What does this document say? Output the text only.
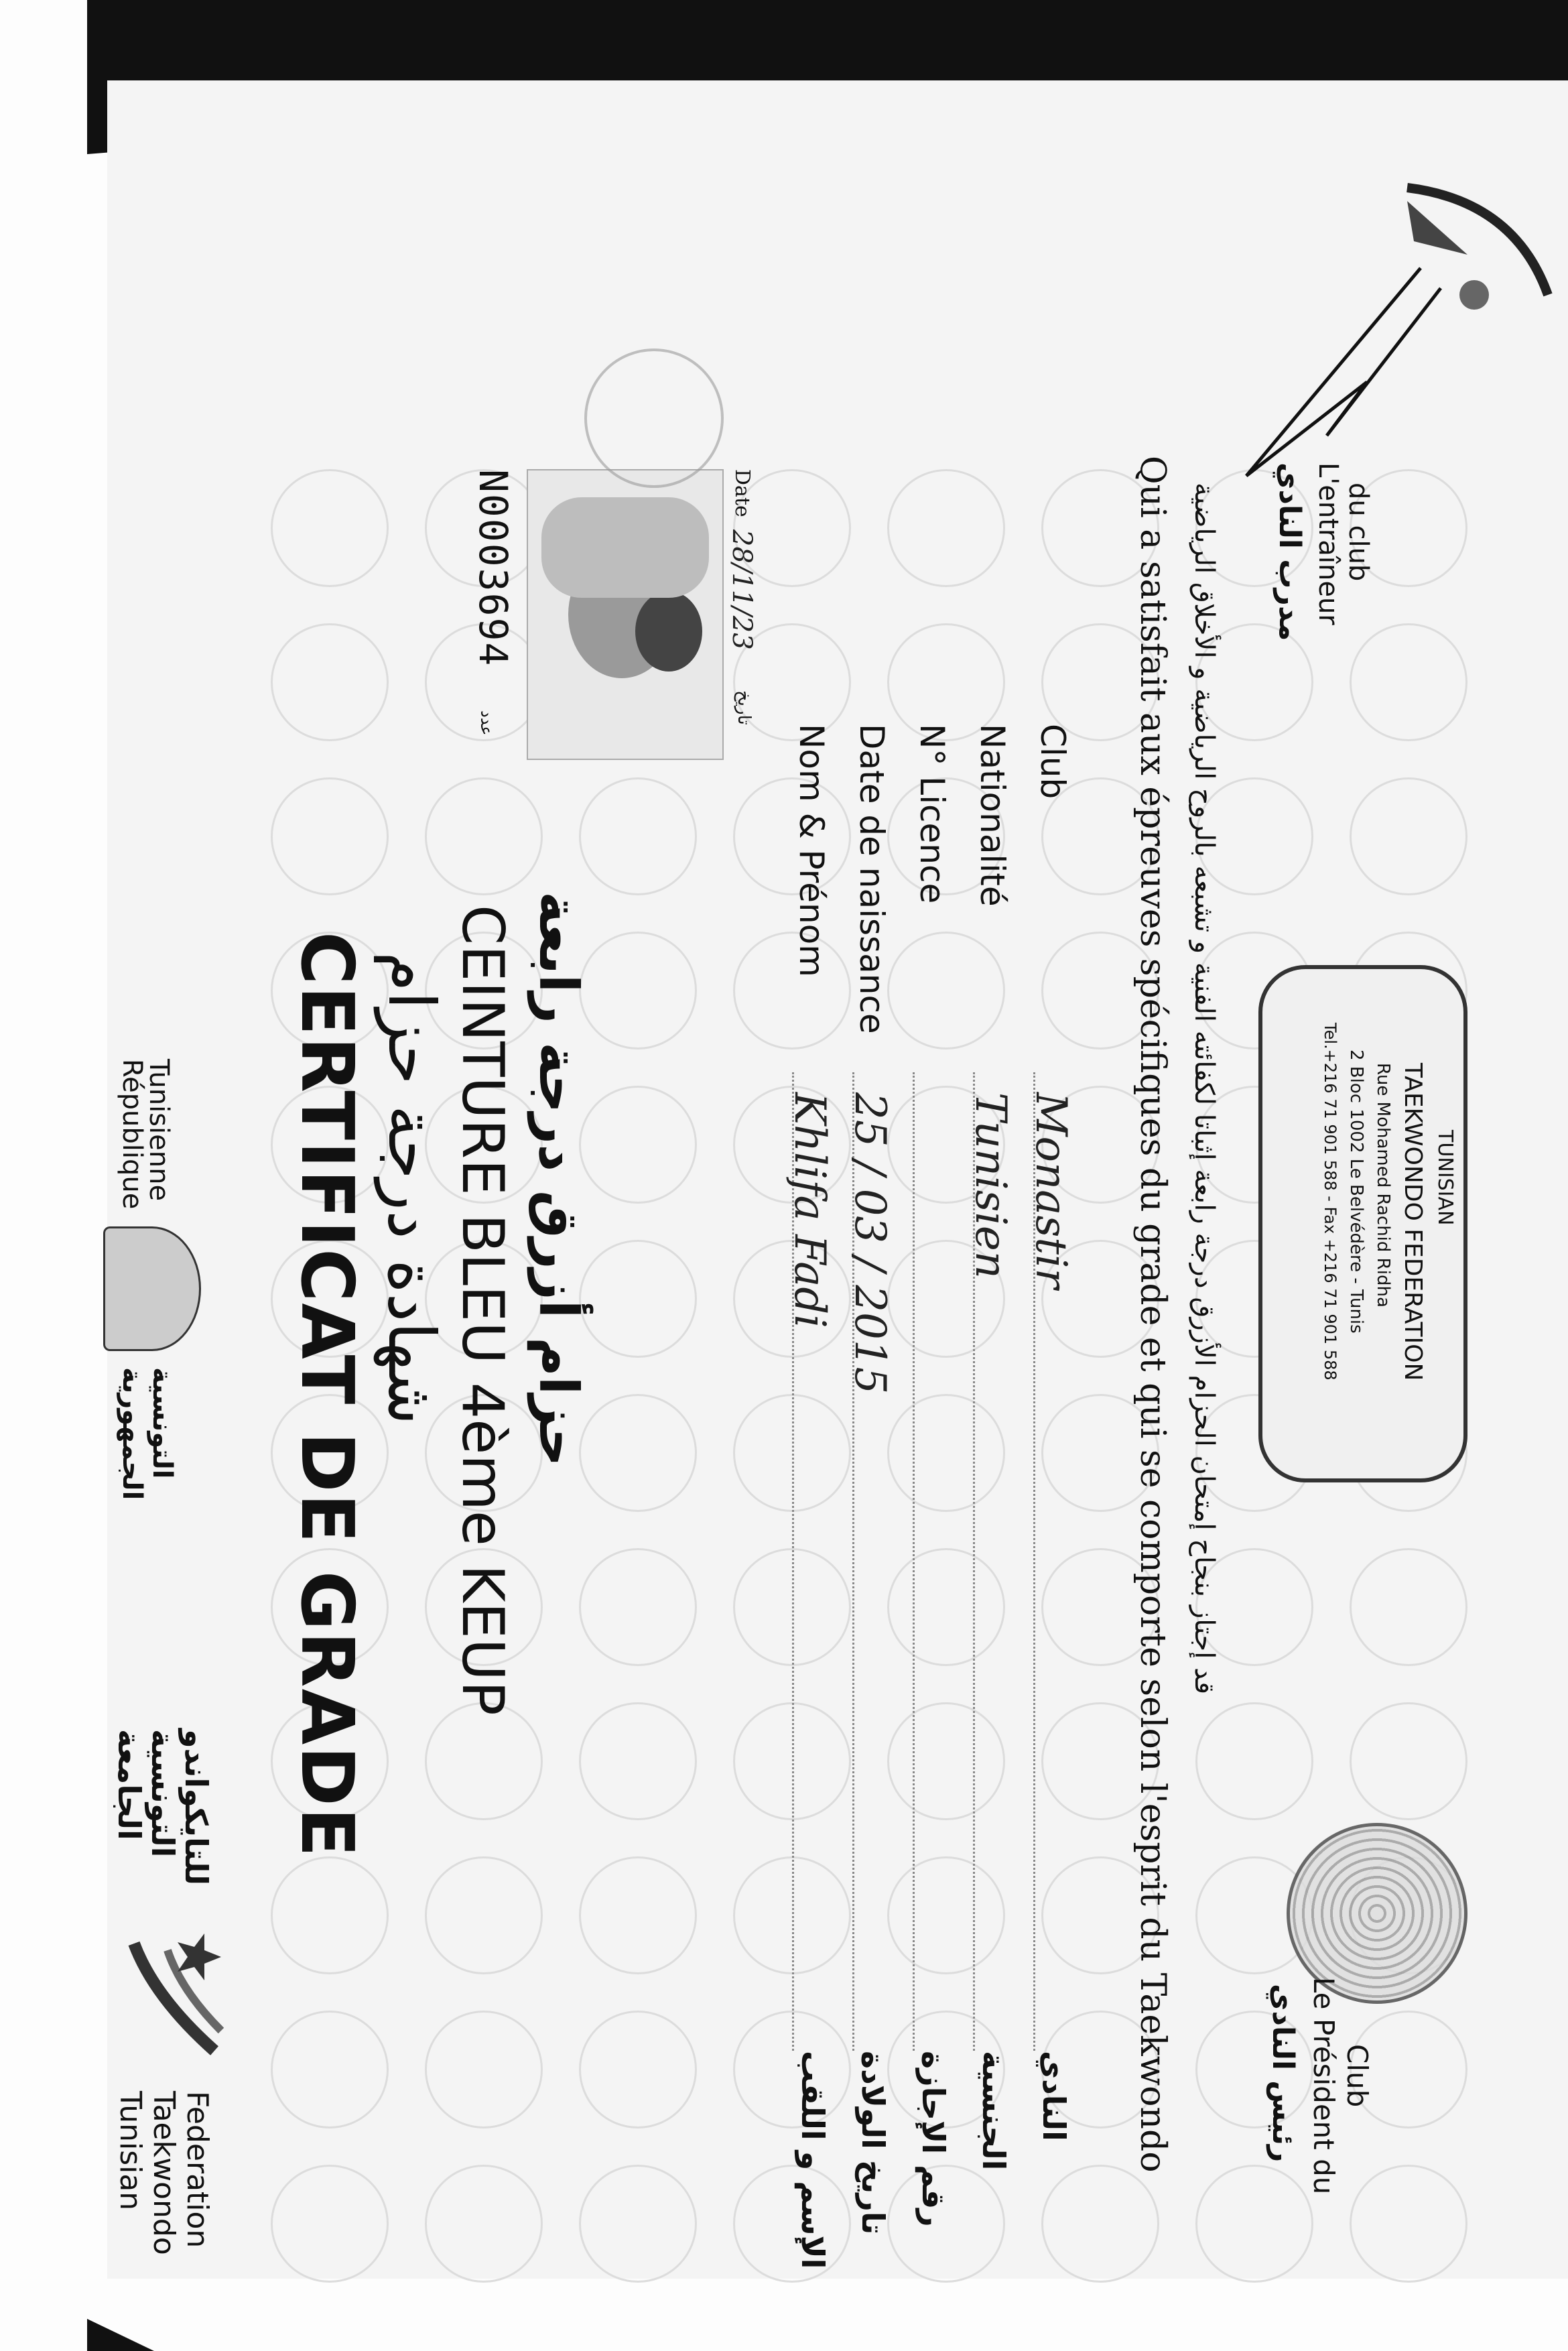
N0003694
عدد
République
Tunisienne
الجمهورية التونسية
الجامعة
التونسية
للتايكواندو
Tunisian Taekwondo Federation
CERTIFICAT DE GRADE شهادة درجة حزام CEINTURE BLEU 4ème KEUP حزام أزرق درجة رابعة
Date
28/11/23
تاريخ
Nom & Prénom
Khlifa Fadi
الإسم و اللقب
Date de naissance
25 / 03 / 2015
تاريخ الولادة
N° Licence
رقم الإجازة
Nationalité
Tunisien
الجنسية
Club
Monastir
النادي Qui a satisfait aux épreuves spécifiques du grade et qui se comporte selon l'esprit du Taekwondo قد إجتاز بنجاح إمتحان الحزام الأزرق درجة رابعة إثباتا لكفائته الفنية و تشبعه بالروح الرياضية و الأخلاق الرياضية مدرب النادي L'entraîneur du club
TUNISIAN
TAEKWONDO FEDERATION
Rue Mohamed Rachid Ridha
2 Bloc 1002 Le Belvédère - Tunis
Tel.+216 71 901 588 - Fax +216 71 901 588
رئيس النادي Le Président du Club
